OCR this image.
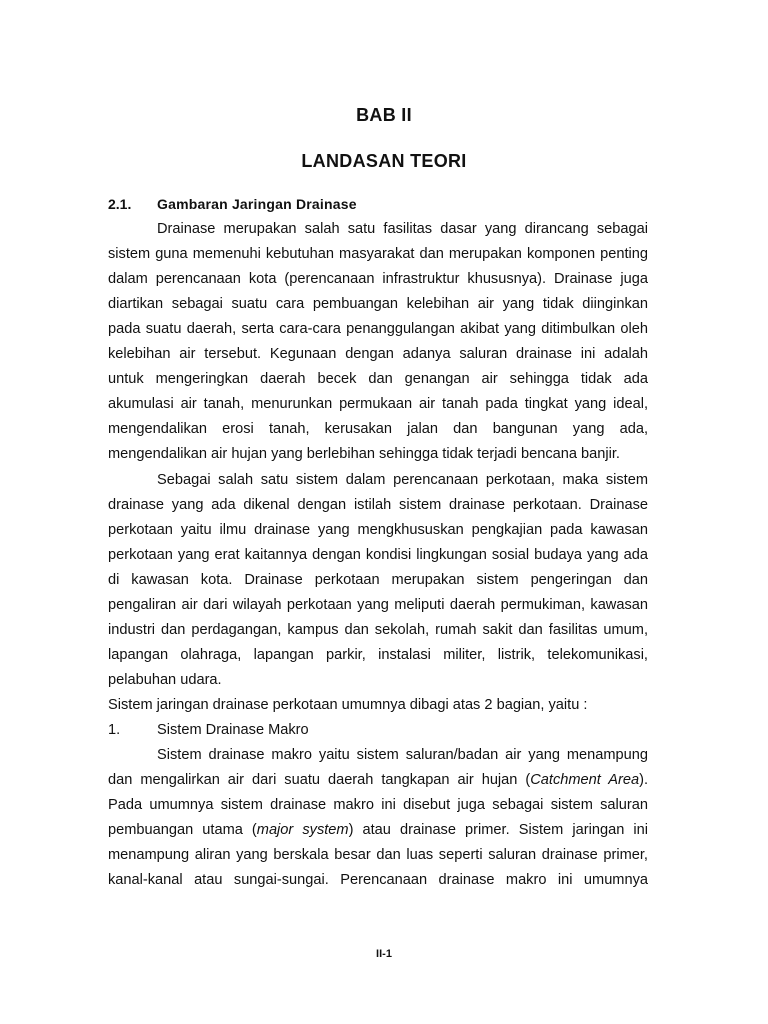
BAB II
LANDASAN TEORI
2.1. Gambaran Jaringan Drainase
Drainase merupakan salah satu fasilitas dasar yang dirancang sebagai
sistem guna memenuhi kebutuhan masyarakat dan merupakan komponen penting
dalam perencanaan kota (perencanaan infrastruktur khususnya). Drainase juga
diartikan sebagai suatu cara pembuangan kelebihan air yang tidak diinginkan
pada suatu daerah, serta cara-cara penanggulangan akibat yang ditimbulkan oleh
kelebihan air tersebut. Kegunaan dengan adanya saluran drainase ini adalah
untuk mengeringkan daerah becek dan genangan air sehingga tidak ada
akumulasi air tanah, menurunkan permukaan air tanah pada tingkat yang ideal,
mengendalikan erosi tanah, kerusakan jalan dan bangunan yang ada,
mengendalikan air hujan yang berlebihan sehingga tidak terjadi bencana banjir.
Sebagai salah satu sistem dalam perencanaan perkotaan, maka sistem
drainase yang ada dikenal dengan istilah sistem drainase perkotaan. Drainase
perkotaan yaitu ilmu drainase yang mengkhususkan pengkajian pada kawasan
perkotaan yang erat kaitannya dengan kondisi lingkungan sosial budaya yang ada
di kawasan kota. Drainase perkotaan merupakan sistem pengeringan dan
pengaliran air dari wilayah perkotaan yang meliputi daerah permukiman, kawasan
industri dan perdagangan, kampus dan sekolah, rumah sakit dan fasilitas umum,
lapangan olahraga, lapangan parkir, instalasi militer, listrik, telekomunikasi,
pelabuhan udara.
Sistem jaringan drainase perkotaan umumnya dibagi atas 2 bagian, yaitu :
1.	Sistem Drainase Makro
Sistem drainase makro yaitu sistem saluran/badan air yang menampung
dan mengalirkan air dari suatu daerah tangkapan air hujan (Catchment Area).
Pada umumnya sistem drainase makro ini disebut juga sebagai sistem saluran
pembuangan utama (major system) atau drainase primer. Sistem jaringan ini
menampung aliran yang berskala besar dan luas seperti saluran drainase primer,
kanal-kanal atau sungai-sungai. Perencanaan drainase makro ini umumnya
II-1
